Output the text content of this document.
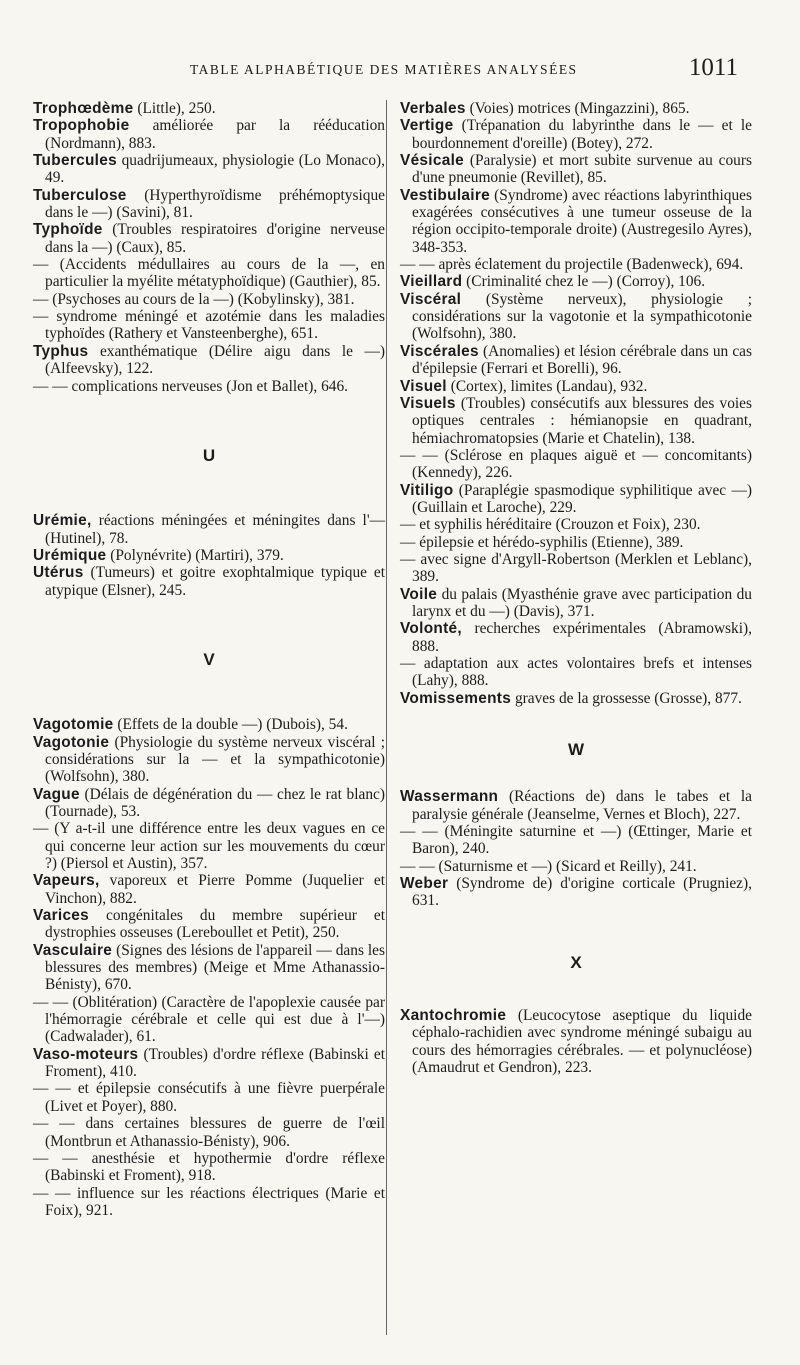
TABLE ALPHABÉTIQUE DES MATIÈRES ANALYSÉES	1011

Trophœdème (Little), 250.

Tropophobie améliorée par la rééducation (Nordmann), 883.

Tubercules quadrijumeaux, physiologie (Lo Monaco), 49.

Tuberculose (Hyperthyroïdisme préhémoptysique dans le —) (Savini), 81.

Typhoïde (Troubles respiratoires d'origine nerveuse dans la —) (Caux), 85.

— (Accidents médullaires au cours de la —, en particulier la myélite métatyphoïdique) (Gauthier), 85.

— (Psychoses au cours de la —) (Kobylinsky), 381.

— syndrome méningé et azotémie dans les maladies typhoïdes (Rathery et Vansteenberghe), 651.

Typhus exanthématique (Délire aigu dans le —) (Alfeevsky), 122.

— — complications nerveuses (Jon et Ballet), 646.

U

Urémie, réactions méningées et méningites dans l'— (Hutinel), 78.

Urémique (Polynévrite) (Martiri), 379.

Utérus (Tumeurs) et goitre exophtalmique typique et atypique (Elsner), 245.

V

Vagotomie (Effets de la double —) (Dubois), 54.

Vagotonie (Physiologie du système nerveux viscéral ; considérations sur la — et la sympathicotonie) (Wolfsohn), 380.

Vague (Délais de dégénération du — chez le rat blanc) (Tournade), 53.

— (Y a-t-il une différence entre les deux vagues en ce qui concerne leur action sur les mouvements du cœur ?) (Piersol et Austin), 357.

Vapeurs, vaporeux et Pierre Pomme (Juquelier et Vinchon), 882.

Varices congénitales du membre supérieur et dystrophies osseuses (Lereboullet et Petit), 250.

Vasculaire (Signes des lésions de l'appareil — dans les blessures des membres) (Meige et Mme Athanassio-Bénisty), 670.

— — (Oblitération) (Caractère de l'apoplexie causée par l'hémorragie cérébrale et celle qui est due à l'—) (Cadwalader), 61.

Vaso-moteurs (Troubles) d'ordre réflexe (Babinski et Froment), 410.

— — et épilepsie consécutifs à une fièvre puerpérale (Livet et Poyer), 880.

— — dans certaines blessures de guerre de l'œil (Montbrun et Athanassio-Bénisty), 906.

— — anesthésie et hypothermie d'ordre réflexe (Babinski et Froment), 918.

— — influence sur les réactions électriques (Marie et Foix), 921.

Verbales (Voies) motrices (Mingazzini), 865.

Vertige (Trépanation du labyrinthe dans le — et le bourdonnement d'oreille) (Botey), 272.

Vésicale (Paralysie) et mort subite survenue au cours d'une pneumonie (Revillet), 85.

Vestibulaire (Syndrome) avec réactions labyrinthiques exagérées consécutives à une tumeur osseuse de la région occipito-temporale droite) (Austregesilo Ayres), 348-353.

— — après éclatement du projectile (Badenweck), 694.

Vieillard (Criminalité chez le —) (Corroy), 106.

Viscéral (Système nerveux), physiologie ; considérations sur la vagotonie et la sympathicotonie (Wolfsohn), 380.

Viscérales (Anomalies) et lésion cérébrale dans un cas d'épilepsie (Ferrari et Borelli), 96.

Visuel (Cortex), limites (Landau), 932.

Visuels (Troubles) consécutifs aux blessures des voies optiques centrales : hémianopsie en quadrant, hémiachromatopsies (Marie et Chatelin), 138.

— — (Sclérose en plaques aiguë et — concomitants) (Kennedy), 226.

Vitiligo (Paraplégie spasmodique syphilitique avec —) (Guillain et Laroche), 229.

— et syphilis héréditaire (Crouzon et Foix), 230.

— épilepsie et hérédo-syphilis (Etienne), 389.

— avec signe d'Argyll-Robertson (Merklen et Leblanc), 389.

Voile du palais (Myasthénie grave avec participation du larynx et du —) (Davis), 371.

Volonté, recherches expérimentales (Abramowski), 888.

— adaptation aux actes volontaires brefs et intenses (Lahy), 888.

Vomissements graves de la grossesse (Grosse), 877.

W

Wassermann (Réactions de) dans le tabes et la paralysie générale (Jeanselme, Vernes et Bloch), 227.

— — (Méningite saturnine et —) (Œttinger, Marie et Baron), 240.

— — (Saturnisme et —) (Sicard et Reilly), 241.

Weber (Syndrome de) d'origine corticale (Prugniez), 631.

X

Xantochromie (Leucocytose aseptique du liquide céphalo-rachidien avec syndrome méningé subaigu au cours des hémorragies cérébrales. — et polynucléose) (Amaudrut et Gendron), 223.
